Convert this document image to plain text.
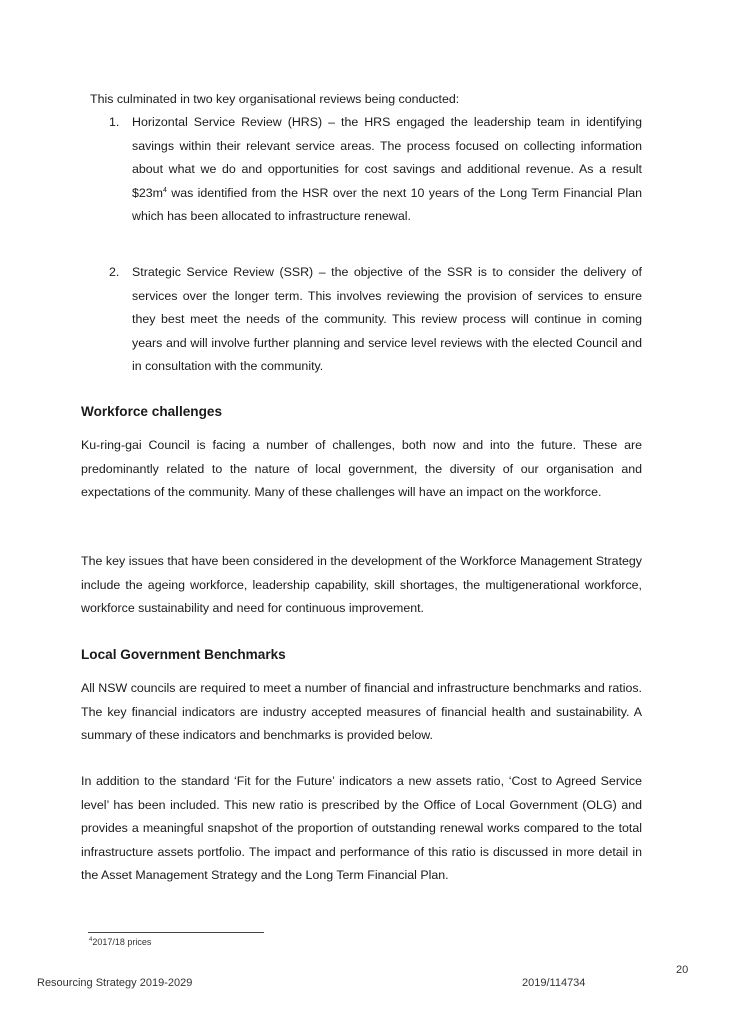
This culminated in two key organisational reviews being conducted:
1.	Horizontal Service Review (HRS) – the HRS engaged the leadership team in identifying savings within their relevant service areas. The process focused on collecting information about what we do and opportunities for cost savings and additional revenue. As a result $\$23m^4$ was identified from the HSR over the next 10 years of the Long Term Financial Plan which has been allocated to infrastructure renewal.
2.	Strategic Service Review (SSR) – the objective of the SSR is to consider the delivery of services over the longer term. This involves reviewing the provision of services to ensure they best meet the needs of the community. This review process will continue in coming years and will involve further planning and service level reviews with the elected Council and in consultation with the community.
Workforce challenges
Ku-ring-gai Council is facing a number of challenges, both now and into the future. These are predominantly related to the nature of local government, the diversity of our organisation and expectations of the community. Many of these challenges will have an impact on the workforce.
The key issues that have been considered in the development of the Workforce Management Strategy include the ageing workforce, leadership capability, skill shortages, the multigenerational workforce, workforce sustainability and need for continuous improvement.
Local Government Benchmarks
All NSW councils are required to meet a number of financial and infrastructure benchmarks and ratios. The key financial indicators are industry accepted measures of financial health and sustainability. A summary of these indicators and benchmarks is provided below.
In addition to the standard ‘Fit for the Future’ indicators a new assets ratio, ‘Cost to Agreed Service level’ has been included. This new ratio is prescribed by the Office of Local Government (OLG) and provides a meaningful snapshot of the proportion of outstanding renewal works compared to the total infrastructure assets portfolio. The impact and performance of this ratio is discussed in more detail in the Asset Management Strategy and the Long Term Financial Plan.
$^4$2017/18 prices
20
Resourcing Strategy 2019-2029	2019/114734
